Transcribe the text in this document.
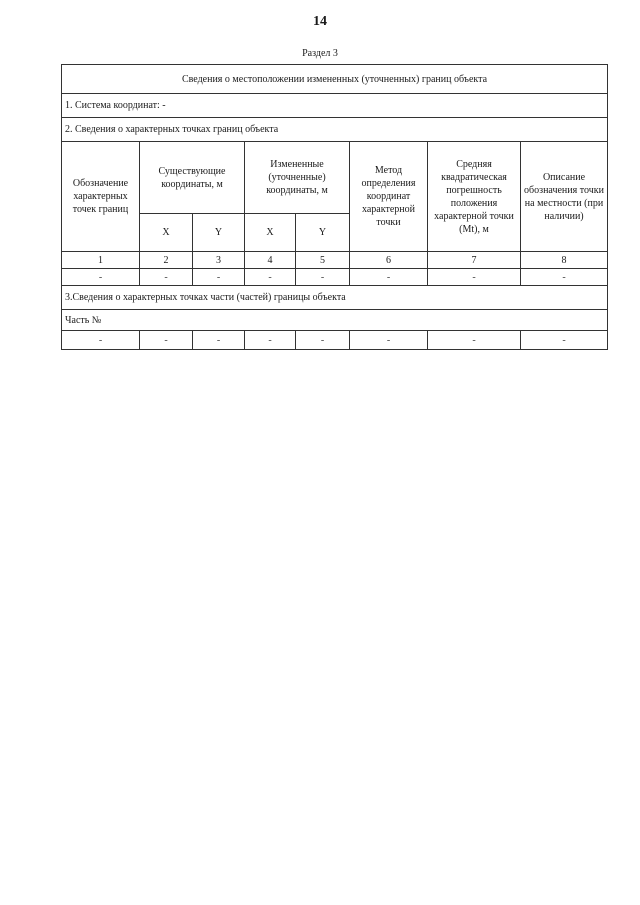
14
Раздел 3
Сведения о местоположении измененных (уточненных) границ объекта							
1. Система координат: -							
2. Сведения о характерных точках границ объекта							
Обозначение характерных точек границ	Существующие координаты, м		Измененные (уточненные) координаты, м		Метод определения координат характерной точки	Средняя квадратическая погрешность положения характерной точки (Mt), м	Описание обозначения точки на местности (при наличии)
	X	Y	X	Y			
1	2	3	4	5	6	7	8
-	-	-	-	-	-	-	-
3.Сведения о характерных точках части (частей) границы объекта							
Часть №							
-	-	-	-	-	-	-	-
